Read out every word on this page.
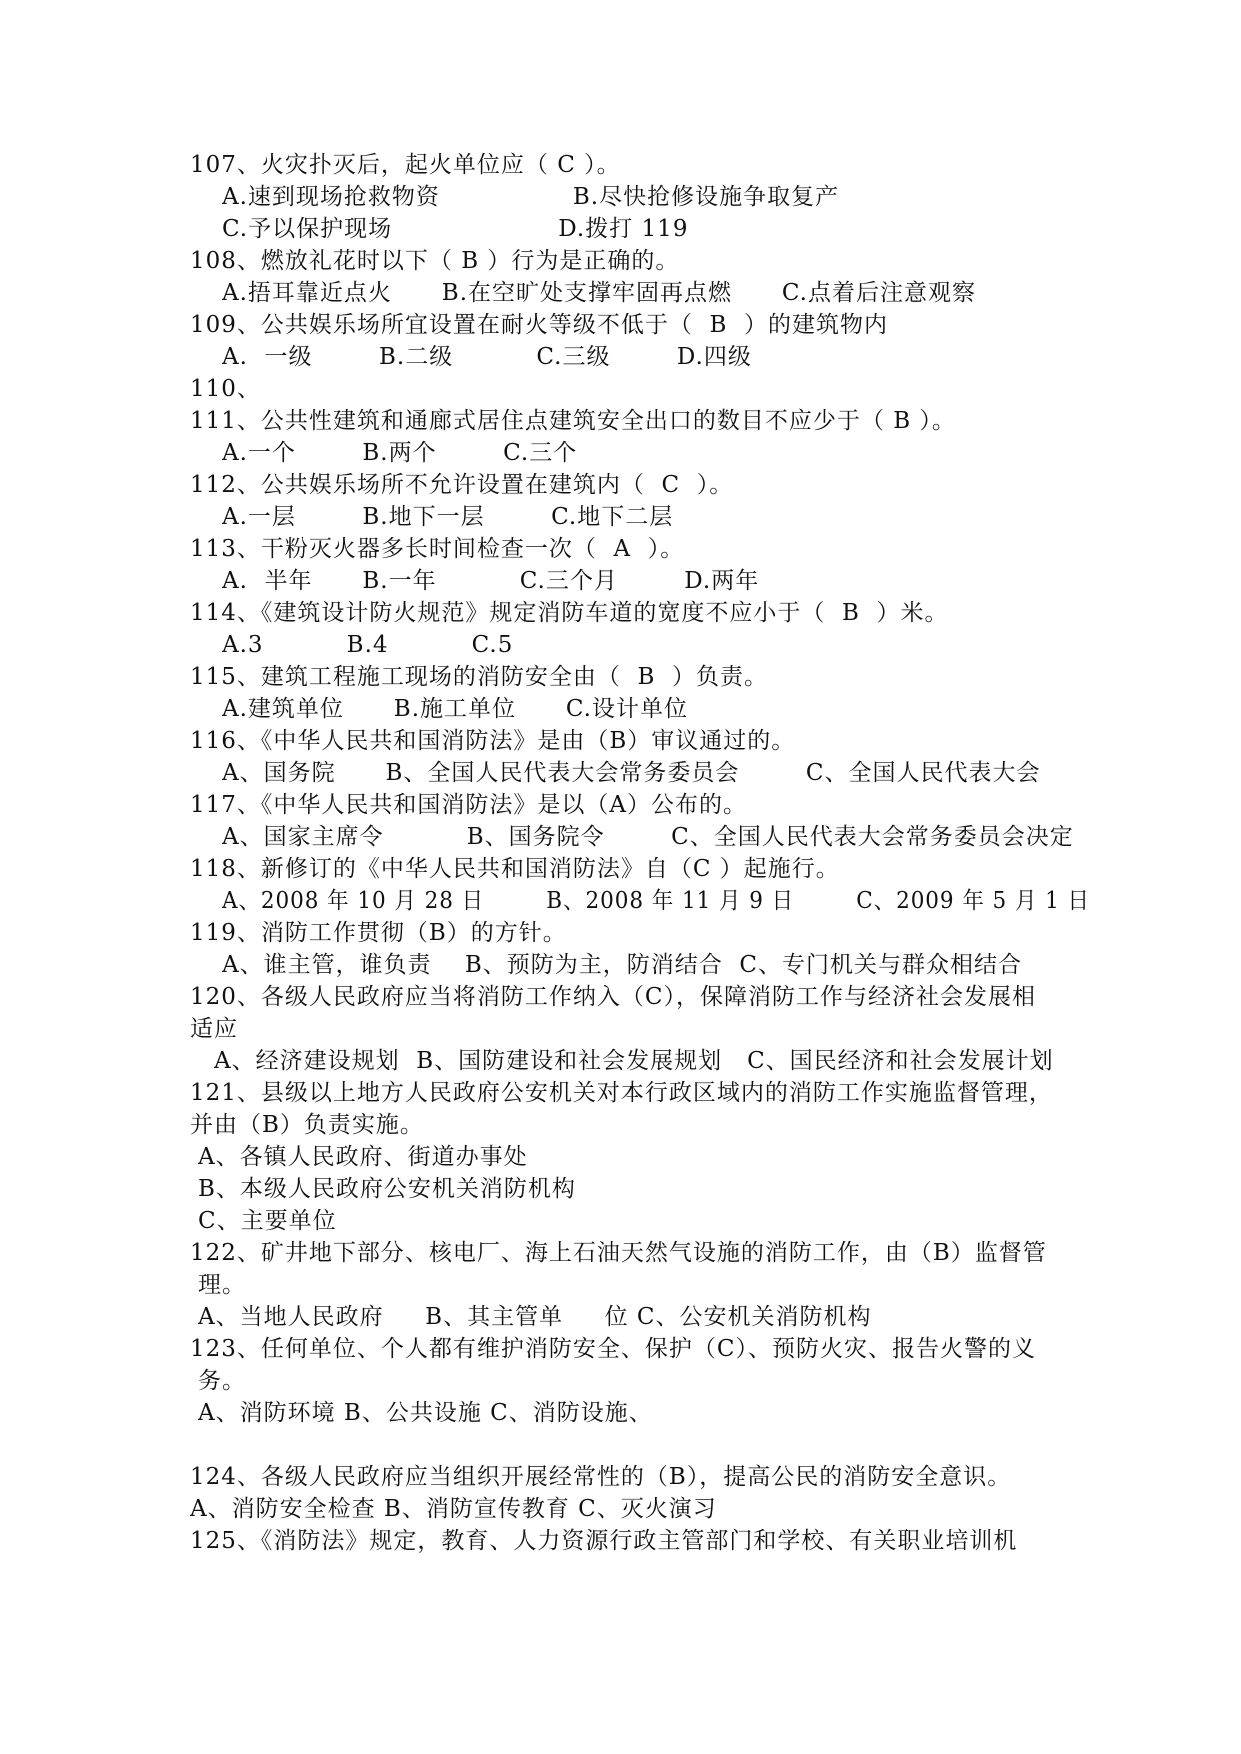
107、火灾扑灭后，起火单位应（ C ）。
A.速到现场抢救物资                B.尽快抢修设施争取复产
C.予以保护现场                    D.拨打 119
108、燃放礼花时以下（ B ）行为是正确的。
A.捂耳靠近点火      B.在空旷处支撑牢固再点燃      C.点着后注意观察
109、公共娱乐场所宜设置在耐火等级不低于（  B  ）的建筑物内
A.  一级        B.二级          C.三级        D.四级
110、
111、公共性建筑和通廊式居住点建筑安全出口的数目不应少于（ B ）。
A.一个        B.两个        C.三个
112、公共娱乐场所不允许设置在建筑内（  C  ）。
A.一层        B.地下一层        C.地下二层
113、干粉灭火器多长时间检查一次（  A  ）。
A.  半年      B.一年          C.三个月        D.两年
114、《建筑设计防火规范》规定消防车道的宽度不应小于（  B  ）米。
A.3          B.4          C.5
115、建筑工程施工现场的消防安全由（  B  ）负责。
A.建筑单位      B.施工单位      C.设计单位
116、《中华人民共和国消防法》是由（B）审议通过的。
A、国务院      B、全国人民代表大会常务委员会        C、全国人民代表大会
117、《中华人民共和国消防法》是以（A）公布的。
A、国家主席令          B、国务院令        C、全国人民代表大会常务委员会决定
118、新修订的《中华人民共和国消防法》自（C ）起施行。
A、2008 年 10 月 28 日        B、2008 年 11 月 9 日        C、2009 年 5 月 1 日
119、消防工作贯彻（B）的方针。
A、谁主管，谁负责    B、预防为主，防消结合  C、专门机关与群众相结合
120、各级人民政府应当将消防工作纳入（C），保障消防工作与经济社会发展相
适应
A、经济建设规划  B、国防建设和社会发展规划   C、国民经济和社会发展计划
121、县级以上地方人民政府公安机关对本行政区域内的消防工作实施监督管理，
并由（B）负责实施。
A、各镇人民政府、街道办事处
B、本级人民政府公安机关消防机构
C、主要单位
122、矿井地下部分、核电厂、海上石油天然气设施的消防工作，由（B）监督管
理。
A、当地人民政府     B、其主管单     位 C、公安机关消防机构
123、任何单位、个人都有维护消防安全、保护（C）、预防火灾、报告火警的义
务。
A、消防环境 B、公共设施 C、消防设施、
124、各级人民政府应当组织开展经常性的（B），提高公民的消防安全意识。
A、消防安全检查 B、消防宣传教育 C、灭火演习
125、《消防法》规定，教育、人力资源行政主管部门和学校、有关职业培训机
